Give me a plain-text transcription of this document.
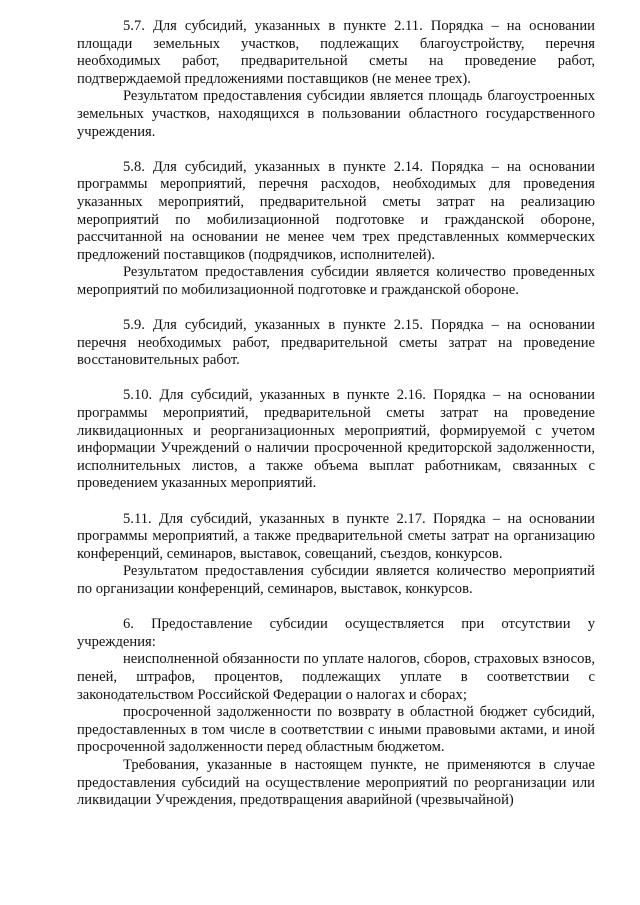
5.7. Для субсидий, указанных в пункте 2.11. Порядка – на основании площади земельных участков, подлежащих благоустройству, перечня необходимых работ, предварительной сметы на проведение работ, подтверждаемой предложениями поставщиков (не менее трех).

Результатом предоставления субсидии является площадь благоустроенных земельных участков, находящихся в пользовании областного государственного учреждения.

5.8. Для субсидий, указанных в пункте 2.14. Порядка – на основании программы мероприятий, перечня расходов, необходимых для проведения указанных мероприятий, предварительной сметы затрат на реализацию мероприятий по мобилизационной подготовке и гражданской обороне, рассчитанной на основании не менее чем трех представленных коммерческих предложений поставщиков (подрядчиков, исполнителей).

Результатом предоставления субсидии является количество проведенных мероприятий по мобилизационной подготовке и гражданской обороне.

5.9. Для субсидий, указанных в пункте 2.15. Порядка – на основании перечня необходимых работ, предварительной сметы затрат на проведение восстановительных работ.

5.10. Для субсидий, указанных в пункте 2.16. Порядка – на основании программы мероприятий, предварительной сметы затрат на проведение ликвидационных и реорганизационных мероприятий, формируемой с учетом информации Учреждений о наличии просроченной кредиторской задолженности, исполнительных листов, а также объема выплат работникам, связанных с проведением указанных мероприятий.

5.11. Для субсидий, указанных в пункте 2.17. Порядка – на основании программы мероприятий, а также предварительной сметы затрат на организацию конференций, семинаров, выставок, совещаний, съездов, конкурсов.

Результатом предоставления субсидии является количество мероприятий по организации конференций, семинаров, выставок, конкурсов.

6. Предоставление субсидии осуществляется при отсутствии у учреждения:

неисполненной обязанности по уплате налогов, сборов, страховых взносов, пеней, штрафов, процентов, подлежащих уплате в соответствии с законодательством Российской Федерации о налогах и сборах;

просроченной задолженности по возврату в областной бюджет субсидий, предоставленных в том числе в соответствии с иными правовыми актами, и иной просроченной задолженности перед областным бюджетом.

Требования, указанные в настоящем пункте, не применяются в случае предоставления субсидий на осуществление мероприятий по реорганизации или ликвидации Учреждения, предотвращения аварийной (чрезвычайной)
